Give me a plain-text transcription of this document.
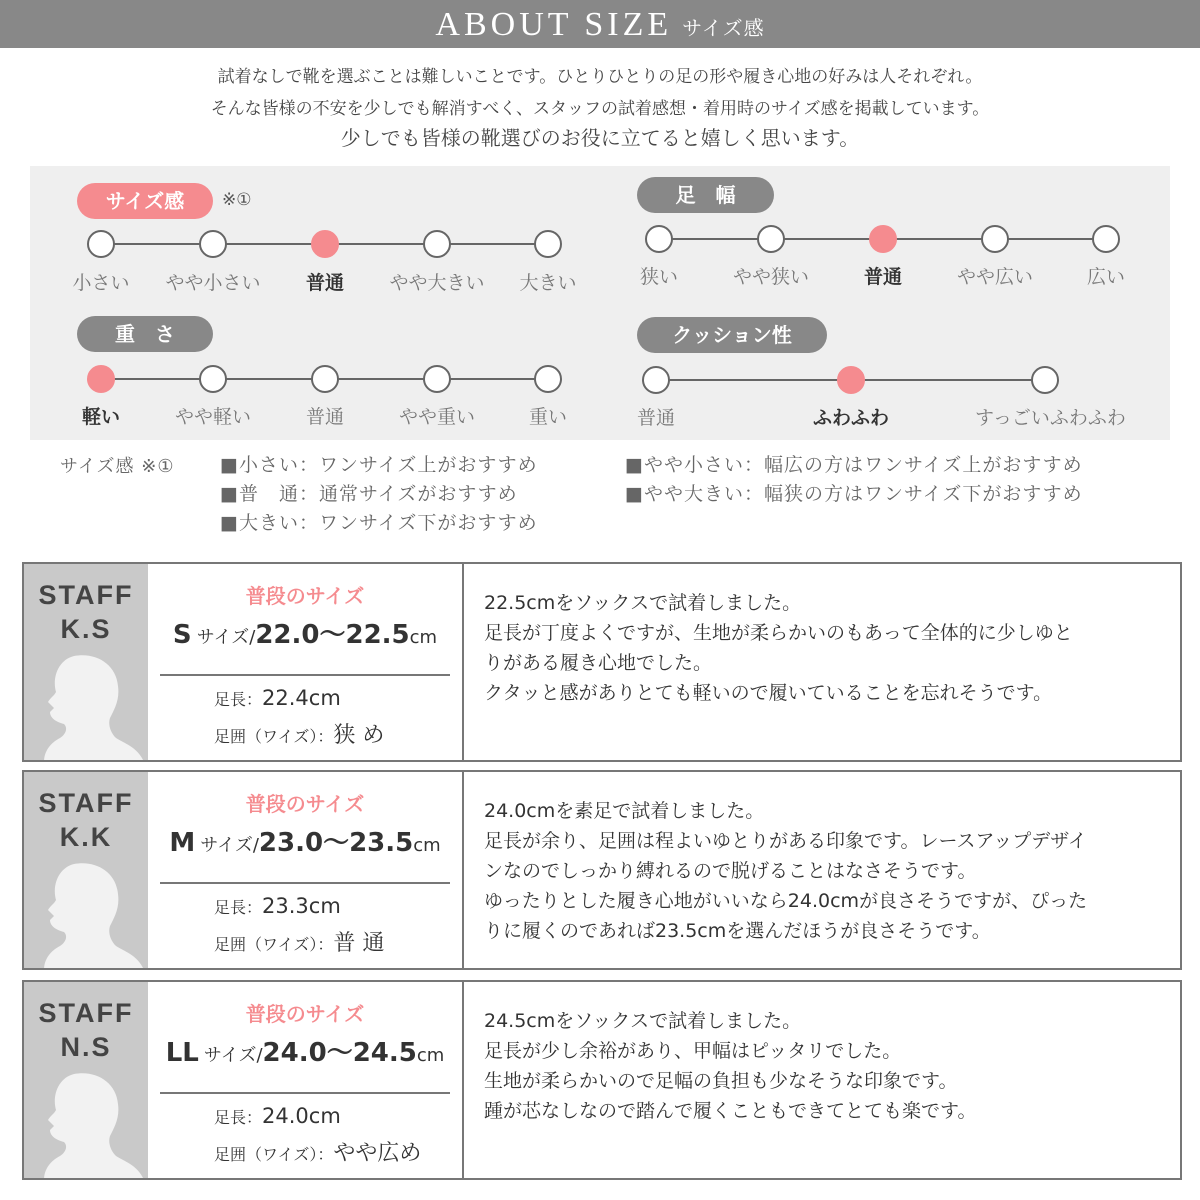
ABOUT SIZE サイズ感
試着なしで靴を選ぶことは難しいことです。ひとりひとりの足の形や履き心地の好みは人それぞれ。
そんな皆様の不安を少しでも解消すべく、スタッフの試着感想・着用時のサイズ感を掲載しています。
少しでも皆様の靴選びのお役に立てると嬉しく思います。
サイズ感	※①
小さい	やや小さい	普通	やや大きい	大きい
足　幅
狭い	やや狭い	普通	やや広い	広い
重　さ
軽い	やや軽い	普通	やや重い	重い
クッション性
普通	ふわふわ	すっごいふわふわ
サイズ感 ※① ■小さい：ワンサイズ上がおすすめ
■普　通：通常サイズがおすすめ
■大きい：ワンサイズ下がおすすめ
■やや小さい：幅広の方はワンサイズ上がおすすめ
■やや大きい：幅狭の方はワンサイズ下がおすすめ
STAFF
K.S
普段のサイズ
S サイズ/22.0〜22.5cm
足長：22.4cm
足囲（ワイズ）：狭 め
22.5cmをソックスで試着しました。
足長が丁度よくですが、生地が柔らかいのもあって全体的に少しゆと
りがある履き心地でした。
クタッと感がありとても軽いので履いていることを忘れそうです。
STAFF
K.K
普段のサイズ
M サイズ/23.0〜23.5cm
足長：23.3cm
足囲（ワイズ）：普 通
24.0cmを素足で試着しました。
足長が余り、足囲は程よいゆとりがある印象です。レースアップデザイ
ンなのでしっかり縛れるので脱げることはなさそうです。
ゆったりとした履き心地がいいなら24.0cmが良さそうですが、ぴった
りに履くのであれば23.5cmを選んだほうが良さそうです。
STAFF
N.S
普段のサイズ
LL サイズ/24.0〜24.5cm
足長：24.0cm
足囲（ワイズ）：やや広め
24.5cmをソックスで試着しました。
足長が少し余裕があり、甲幅はピッタリでした。
生地が柔らかいので足幅の負担も少なそうな印象です。
踵が芯なしなので踏んで履くこともできてとても楽です。
